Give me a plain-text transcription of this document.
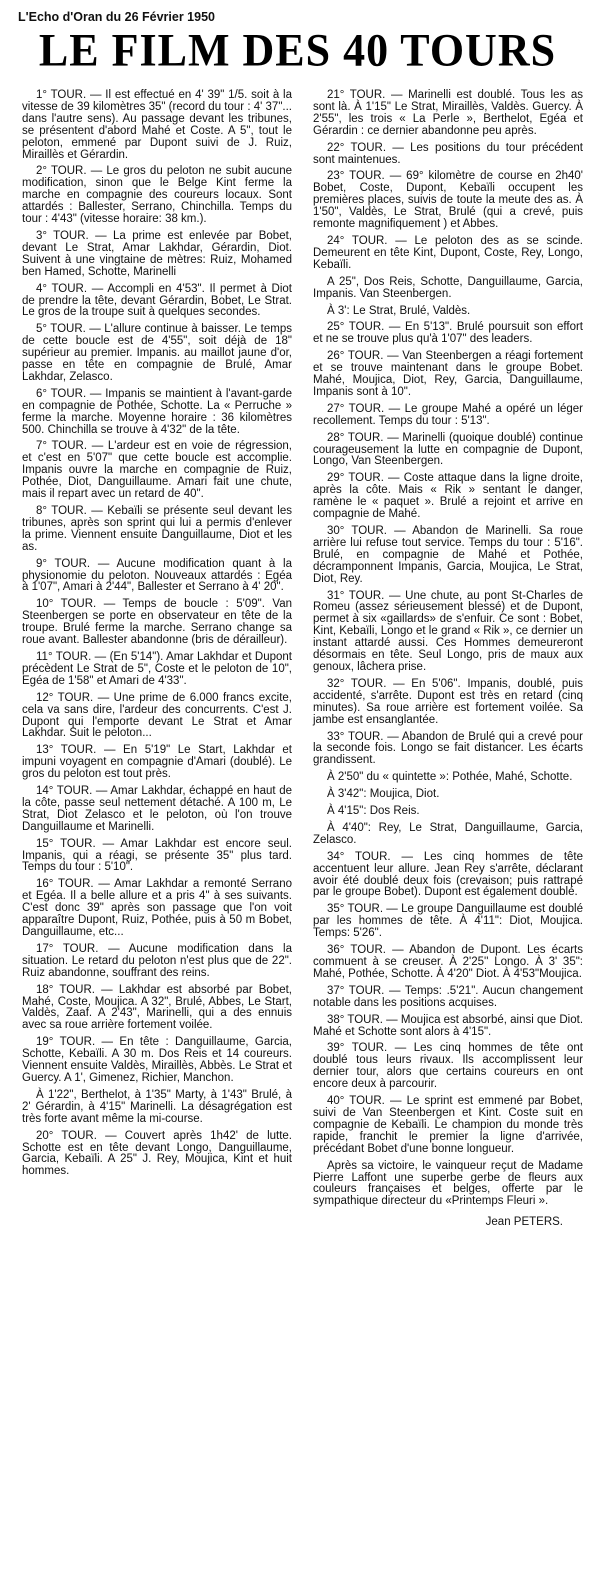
L'Echo d'Oran du 26 Février 1950
LE FILM DES 40 TOURS

1° TOUR. — Il est effectué en 4' 39" 1/5. soit à la vitesse de 39 kilomètres 35" (record du tour : 4' 37"... dans l'autre sens). Au passage devant les tribunes, se présentent d'abord Mahé et Coste. A 5", tout le peloton, emmené par Dupont suivi de J. Ruiz, Miraillès et Gérardin.

2° TOUR. — Le gros du peloton ne subit aucune modification, sinon que le Belge Kint ferme la marche en compagnie des coureurs locaux. Sont attardés : Ballester, Serrano, Chinchilla. Temps du tour : 4'43" (vitesse horaire: 38 km.).

3° TOUR. — La prime est enlevée par Bobet, devant Le Strat, Amar Lakhdar, Gérardin, Diot. Suivent à une vingtaine de mètres: Ruiz, Mohamed ben Hamed, Schotte, Marinelli

4° TOUR. — Accompli en 4'53". Il permet à Diot de prendre la tête, devant Gérardin, Bobet, Le Strat. Le gros de la troupe suit à quelques secondes.

5° TOUR. — L'allure continue à baisser. Le temps de cette boucle est de 4'55", soit déjà de 18" supérieur au premier. Impanis. au maillot jaune d'or, passe en tête en compagnie de Brulé, Amar Lakhdar, Zelasco.

6° TOUR. — Impanis se maintient à l'avant-garde en compagnie de Pothée, Schotte. La « Perruche » ferme la marche. Moyenne horaire : 36 kilomètres 500. Chinchilla se trouve à 4'32" de la tête.

7° TOUR. — L'ardeur est en voie de régression, et c'est en 5'07" que cette boucle est accomplie. Impanis ouvre la marche en compagnie de Ruiz, Pothée, Diot, Danguillaume. Amari fait une chute, mais il repart avec un retard de 40".

8° TOUR. — Kebaïli se présente seul devant les tribunes, après son sprint qui lui a permis d'enlever la prime. Viennent ensuite Danguillaume, Diot et les as.

9° TOUR. — Aucune modification quant à la physionomie du peloton. Nouveaux attardés : Egéa à 1'07", Amari à 2'44", Ballester et Serrano à 4' 20".

10° TOUR. — Temps de boucle : 5'09". Van Steenbergen se porte en observateur en tête de la troupe. Brulé ferme la marche. Serrano change sa roue avant. Ballester abandonne (bris de dérailleur).

11° TOUR. — (En 5'14"). Amar Lakhdar et Dupont précèdent Le Strat de 5", Coste et le peloton de 10", Egéa de 1'58" et Amari de 4'33".

12° TOUR. — Une prime de 6.000 francs excite, cela va sans dire, l'ardeur des concurrents. C'est J. Dupont qui l'emporte devant Le Strat et Amar Lakhdar. Suit le peloton...

13° TOUR. — En 5'19" Le Start, Lakhdar et impuni voyagent en compagnie d'Amari (doublé). Le gros du peloton est tout près.

14° TOUR. — Amar Lakhdar, échappé en haut de la côte, passe seul nettement détaché. A 100 m, Le Strat, Diot Zelasco et le peloton, où l'on trouve Danguillaume et Marinelli.

15° TOUR. — Amar Lakhdar est encore seul. Impanis, qui a réagi, se présente 35" plus tard. Temps du tour : 5'10".

16° TOUR. — Amar Lakhdar a remonté Serrano et Egéa. Il a belle allure et a pris 4" à ses suivants. C'est donc 39" après son passage que l'on voit apparaître Dupont, Ruiz, Pothée, puis à 50 m Bobet, Danguillaume, etc...

17° TOUR. — Aucune modification dans la situation. Le retard du peloton n'est plus que de 22". Ruiz abandonne, souffrant des reins.

18° TOUR. — Lakhdar est absorbé par Bobet, Mahé, Coste, Moujica. A 32", Brulé, Abbes, Le Start, Valdès, Zaaf. A 2'43", Marinelli, qui a des ennuis avec sa roue arrière fortement voilée.

19° TOUR. — En tête : Danguillaume, Garcia, Schotte, Kebaïli. A 30 m. Dos Reis et 14 coureurs. Viennent ensuite Valdès, Miraillès, Abbès. Le Strat et Guercy. A 1', Gimenez, Richier, Manchon.

À 1'22", Berthelot, à 1'35" Marty, à 1'43" Brulé, à 2' Gérardin, à 4'15" Marinelli. La désagrégation est très forte avant même la mi-course.

20° TOUR. — Couvert après 1h42' de lutte. Schotte est en tête devant Longo, Danguillaume, Garcia, Kebaïli. A 25" J. Rey, Moujica, Kint et huit hommes.

21° TOUR. — Marinelli est doublé. Tous les as sont là. À 1'15" Le Strat, Miraillès, Valdès. Guercy. À 2'55", les trois « La Perle », Berthelot, Egéa et Gérardin : ce dernier abandonne peu après.

22° TOUR. — Les positions du tour précédent sont maintenues.

23° TOUR. — 69° kilomètre de course en 2h40' Bobet, Coste, Dupont, Kebaïli occupent les premières places, suivis de toute la meute des as. À 1'50", Valdès, Le Strat, Brulé (qui a crevé, puis remonte magnifiquement ) et Abbes.

24° TOUR. — Le peloton des as se scinde. Demeurent en tête Kint, Dupont, Coste, Rey, Longo, Kebaïli.

A 25", Dos Reis, Schotte, Danguillaume, Garcia, Impanis. Van Steenbergen.

À 3': Le Strat, Brulé, Valdès.

25° TOUR. — En 5'13". Brulé poursuit son effort et ne se trouve plus qu'à 1'07" des leaders.

26° TOUR. — Van Steenbergen a réagi fortement et se trouve maintenant dans le groupe Bobet. Mahé, Moujica, Diot, Rey, Garcia, Danguillaume, Impanis sont à 10".

27° TOUR. — Le groupe Mahé a opéré un léger recollement. Temps du tour : 5'13".

28° TOUR. — Marinelli (quoique doublé) continue courageusement la lutte en compagnie de Dupont, Longo, Van Steenbergen.

29° TOUR. — Coste attaque dans la ligne droite, après la côte. Mais « Rik » sentant le danger, ramène le « paquet ». Brulé a rejoint et arrive en compagnie de Mahé.

30° TOUR. — Abandon de Marinelli. Sa roue arrière lui refuse tout service. Temps du tour : 5'16". Brulé, en compagnie de Mahé et Pothée, décramponnent Impanis, Garcia, Moujica, Le Strat, Diot, Rey.

31° TOUR. — Une chute, au pont St-Charles de Romeu (assez sérieusement blessé) et de Dupont, permet à six «gaillards» de s'enfuir. Ce sont : Bobet, Kint, Kebaïli, Longo et le grand « Rik », ce dernier un instant attardé aussi. Ces Hommes demeureront désormais en tête. Seul Longo, pris de maux aux genoux, lâchera prise.

32° TOUR. — En 5'06". Impanis, doublé, puis accidenté, s'arrête. Dupont est très en retard (cinq minutes). Sa roue arrière est fortement voilée. Sa jambe est ensanglantée.

33° TOUR. — Abandon de Brulé qui a crevé pour la seconde fois. Longo se fait distancer. Les écarts grandissent.

À 2'50" du « quintette »: Pothée, Mahé, Schotte.

À 3'42": Moujica, Diot.

À 4'15": Dos Reis.

À 4'40": Rey, Le Strat, Danguillaume, Garcia, Zelasco.

34° TOUR. — Les cinq hommes de tête accentuent leur allure. Jean Rey s'arrête, déclarant avoir été doublé deux fois (crevaison; puis rattrapé par le groupe Bobet). Dupont est également doublé.

35° TOUR. — Le groupe Danguillaume est doublé par les hommes de tête. À 4'11": Diot, Moujica. Temps: 5'26".

36° TOUR. — Abandon de Dupont. Les écarts commuent à se creuser. À 2'25'' Longo. À 3' 35": Mahé, Pothée, Schotte. À 4'20" Diot. À 4'53"Moujica.

37° TOUR. — Temps: .5'21". Aucun changement notable dans les positions acquises.

38° TOUR. — Moujica est absorbé, ainsi que Diot. Mahé et Schotte sont alors à 4'15".

39° TOUR. — Les cinq hommes de tête ont doublé tous leurs rivaux. Ils accomplissent leur dernier tour, alors que certains coureurs en ont encore deux à parcourir.

40° TOUR. — Le sprint est emmené par Bobet, suivi de Van Steenbergen et Kint. Coste suit en compagnie de Kebaïli. Le champion du monde très rapide, franchit le premier la ligne d'arrivée, précédant Bobet d'une bonne longueur.

Après sa victoire, le vainqueur reçut de Madame Pierre Laffont une superbe gerbe de fleurs aux couleurs françaises et belges, offerte par le sympathique directeur du «Printemps Fleuri ».

Jean PETERS.
